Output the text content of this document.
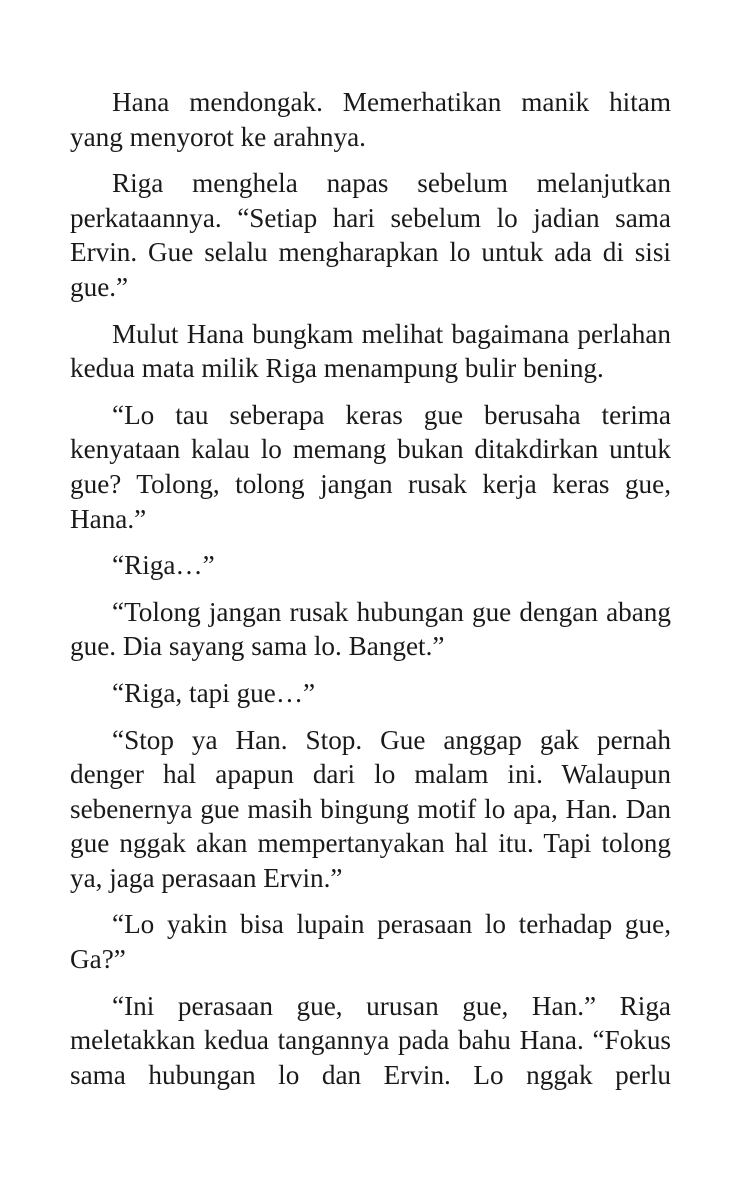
Hana mendongak. Memerhatikan manik hitam yang menyorot ke arahnya.

Riga menghela napas sebelum melanjutkan perkataannya. “Setiap hari sebelum lo jadian sama Ervin. Gue selalu mengharapkan lo untuk ada di sisi gue.”

Mulut Hana bungkam melihat bagaimana perlahan kedua mata milik Riga menampung bulir bening.

“Lo tau seberapa keras gue berusaha terima kenyataan kalau lo memang bukan ditakdirkan untuk gue? Tolong, tolong jangan rusak kerja keras gue, Hana.”

“Riga…”

“Tolong jangan rusak hubungan gue dengan abang gue. Dia sayang sama lo. Banget.”

“Riga, tapi gue…”

“Stop ya Han. Stop. Gue anggap gak pernah denger hal apapun dari lo malam ini. Walaupun sebenernya gue masih bingung motif lo apa, Han. Dan gue nggak akan mempertanyakan hal itu. Tapi tolong ya, jaga perasaan Ervin.”

“Lo yakin bisa lupain perasaan lo terhadap gue, Ga?”

“Ini perasaan gue, urusan gue, Han.” Riga meletakkan kedua tangannya pada bahu Hana. “Fokus sama hubungan lo dan Ervin. Lo nggak perlu
